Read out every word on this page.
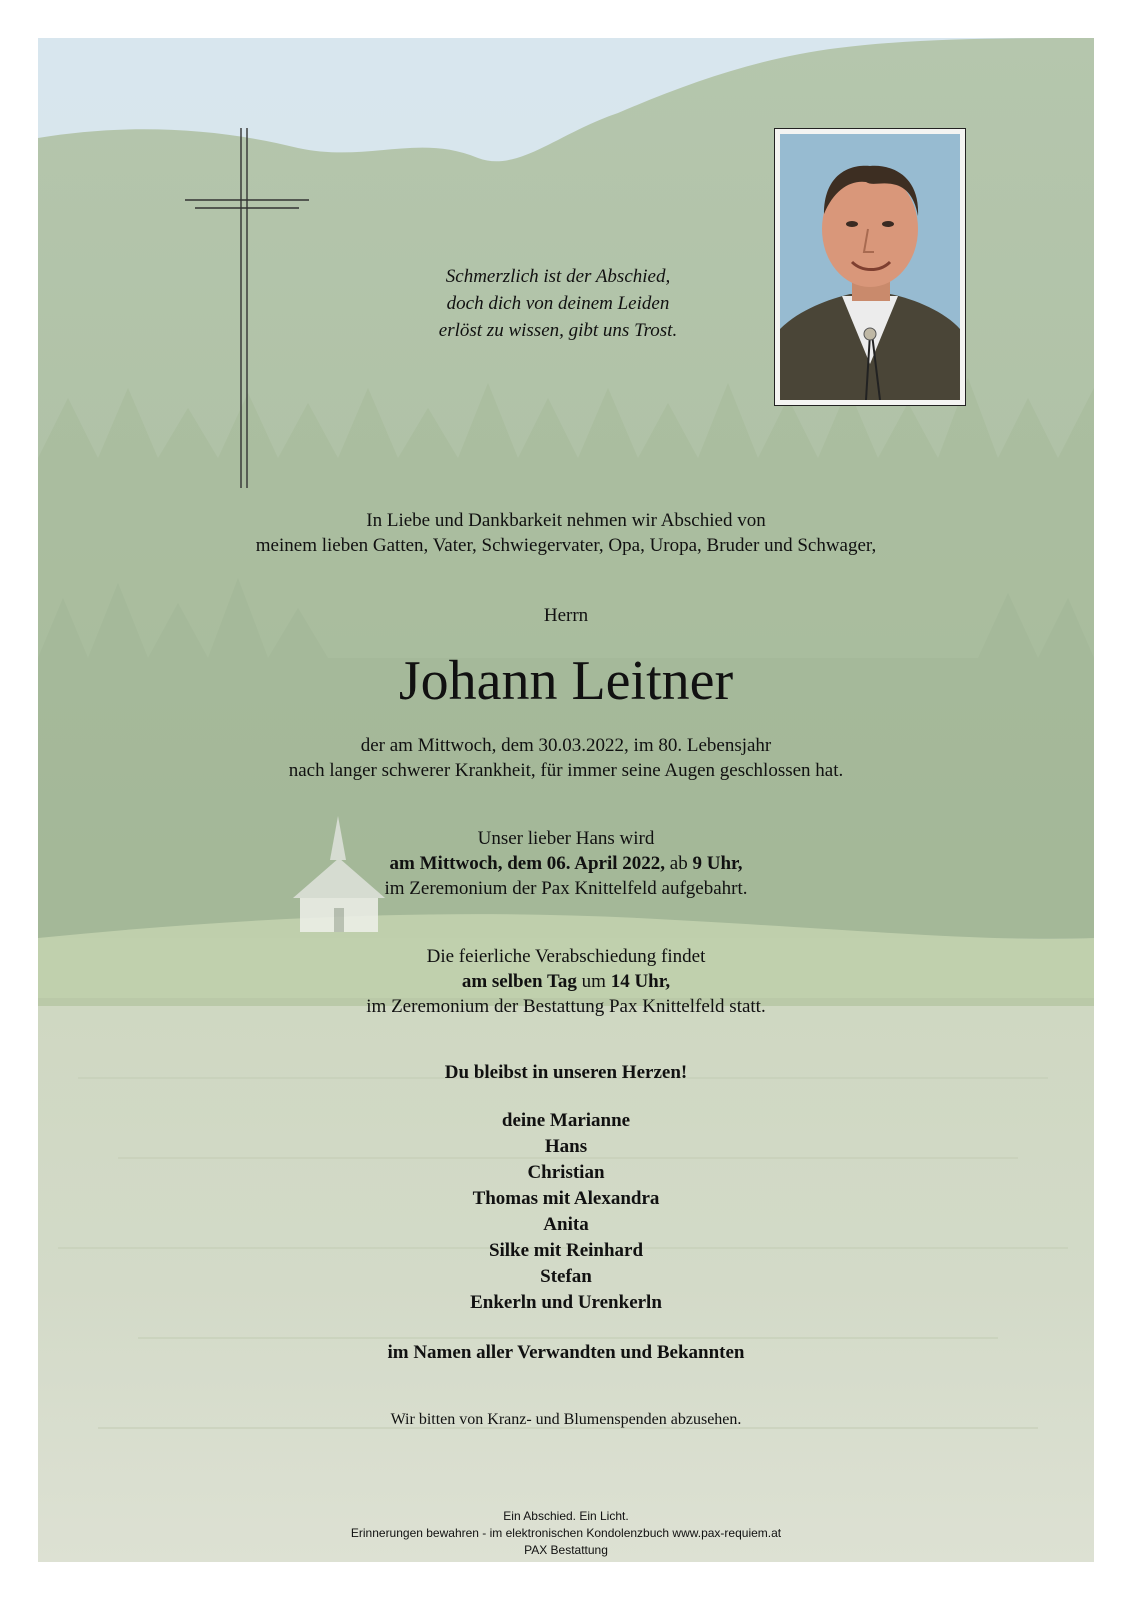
Schmerzlich ist der Abschied,
doch dich von deinem Leiden
erlöst zu wissen, gibt uns Trost.
In Liebe und Dankbarkeit nehmen wir Abschied von
meinem lieben Gatten, Vater, Schwiegervater, Opa, Uropa, Bruder und Schwager,
Herrn
Johann Leitner
der am Mittwoch, dem 30.03.2022, im 80. Lebensjahr
nach langer schwerer Krankheit, für immer seine Augen geschlossen hat.
Unser lieber Hans wird
am Mittwoch, dem 06. April 2022, ab 9 Uhr,
im Zeremonium der Pax Knittelfeld aufgebahrt.
Die feierliche Verabschiedung findet
am selben Tag um 14 Uhr,
im Zeremonium der Bestattung Pax Knittelfeld statt.
Du bleibst in unseren Herzen!
deine Marianne
Hans
Christian
Thomas mit Alexandra
Anita
Silke mit Reinhard
Stefan
Enkerln und Urenkerln
im Namen aller Verwandten und Bekannten
Wir bitten von Kranz- und Blumenspenden abzusehen.
Ein Abschied. Ein Licht.
Erinnerungen bewahren - im elektronischen Kondolenzbuch www.pax-requiem.at
PAX Bestattung
